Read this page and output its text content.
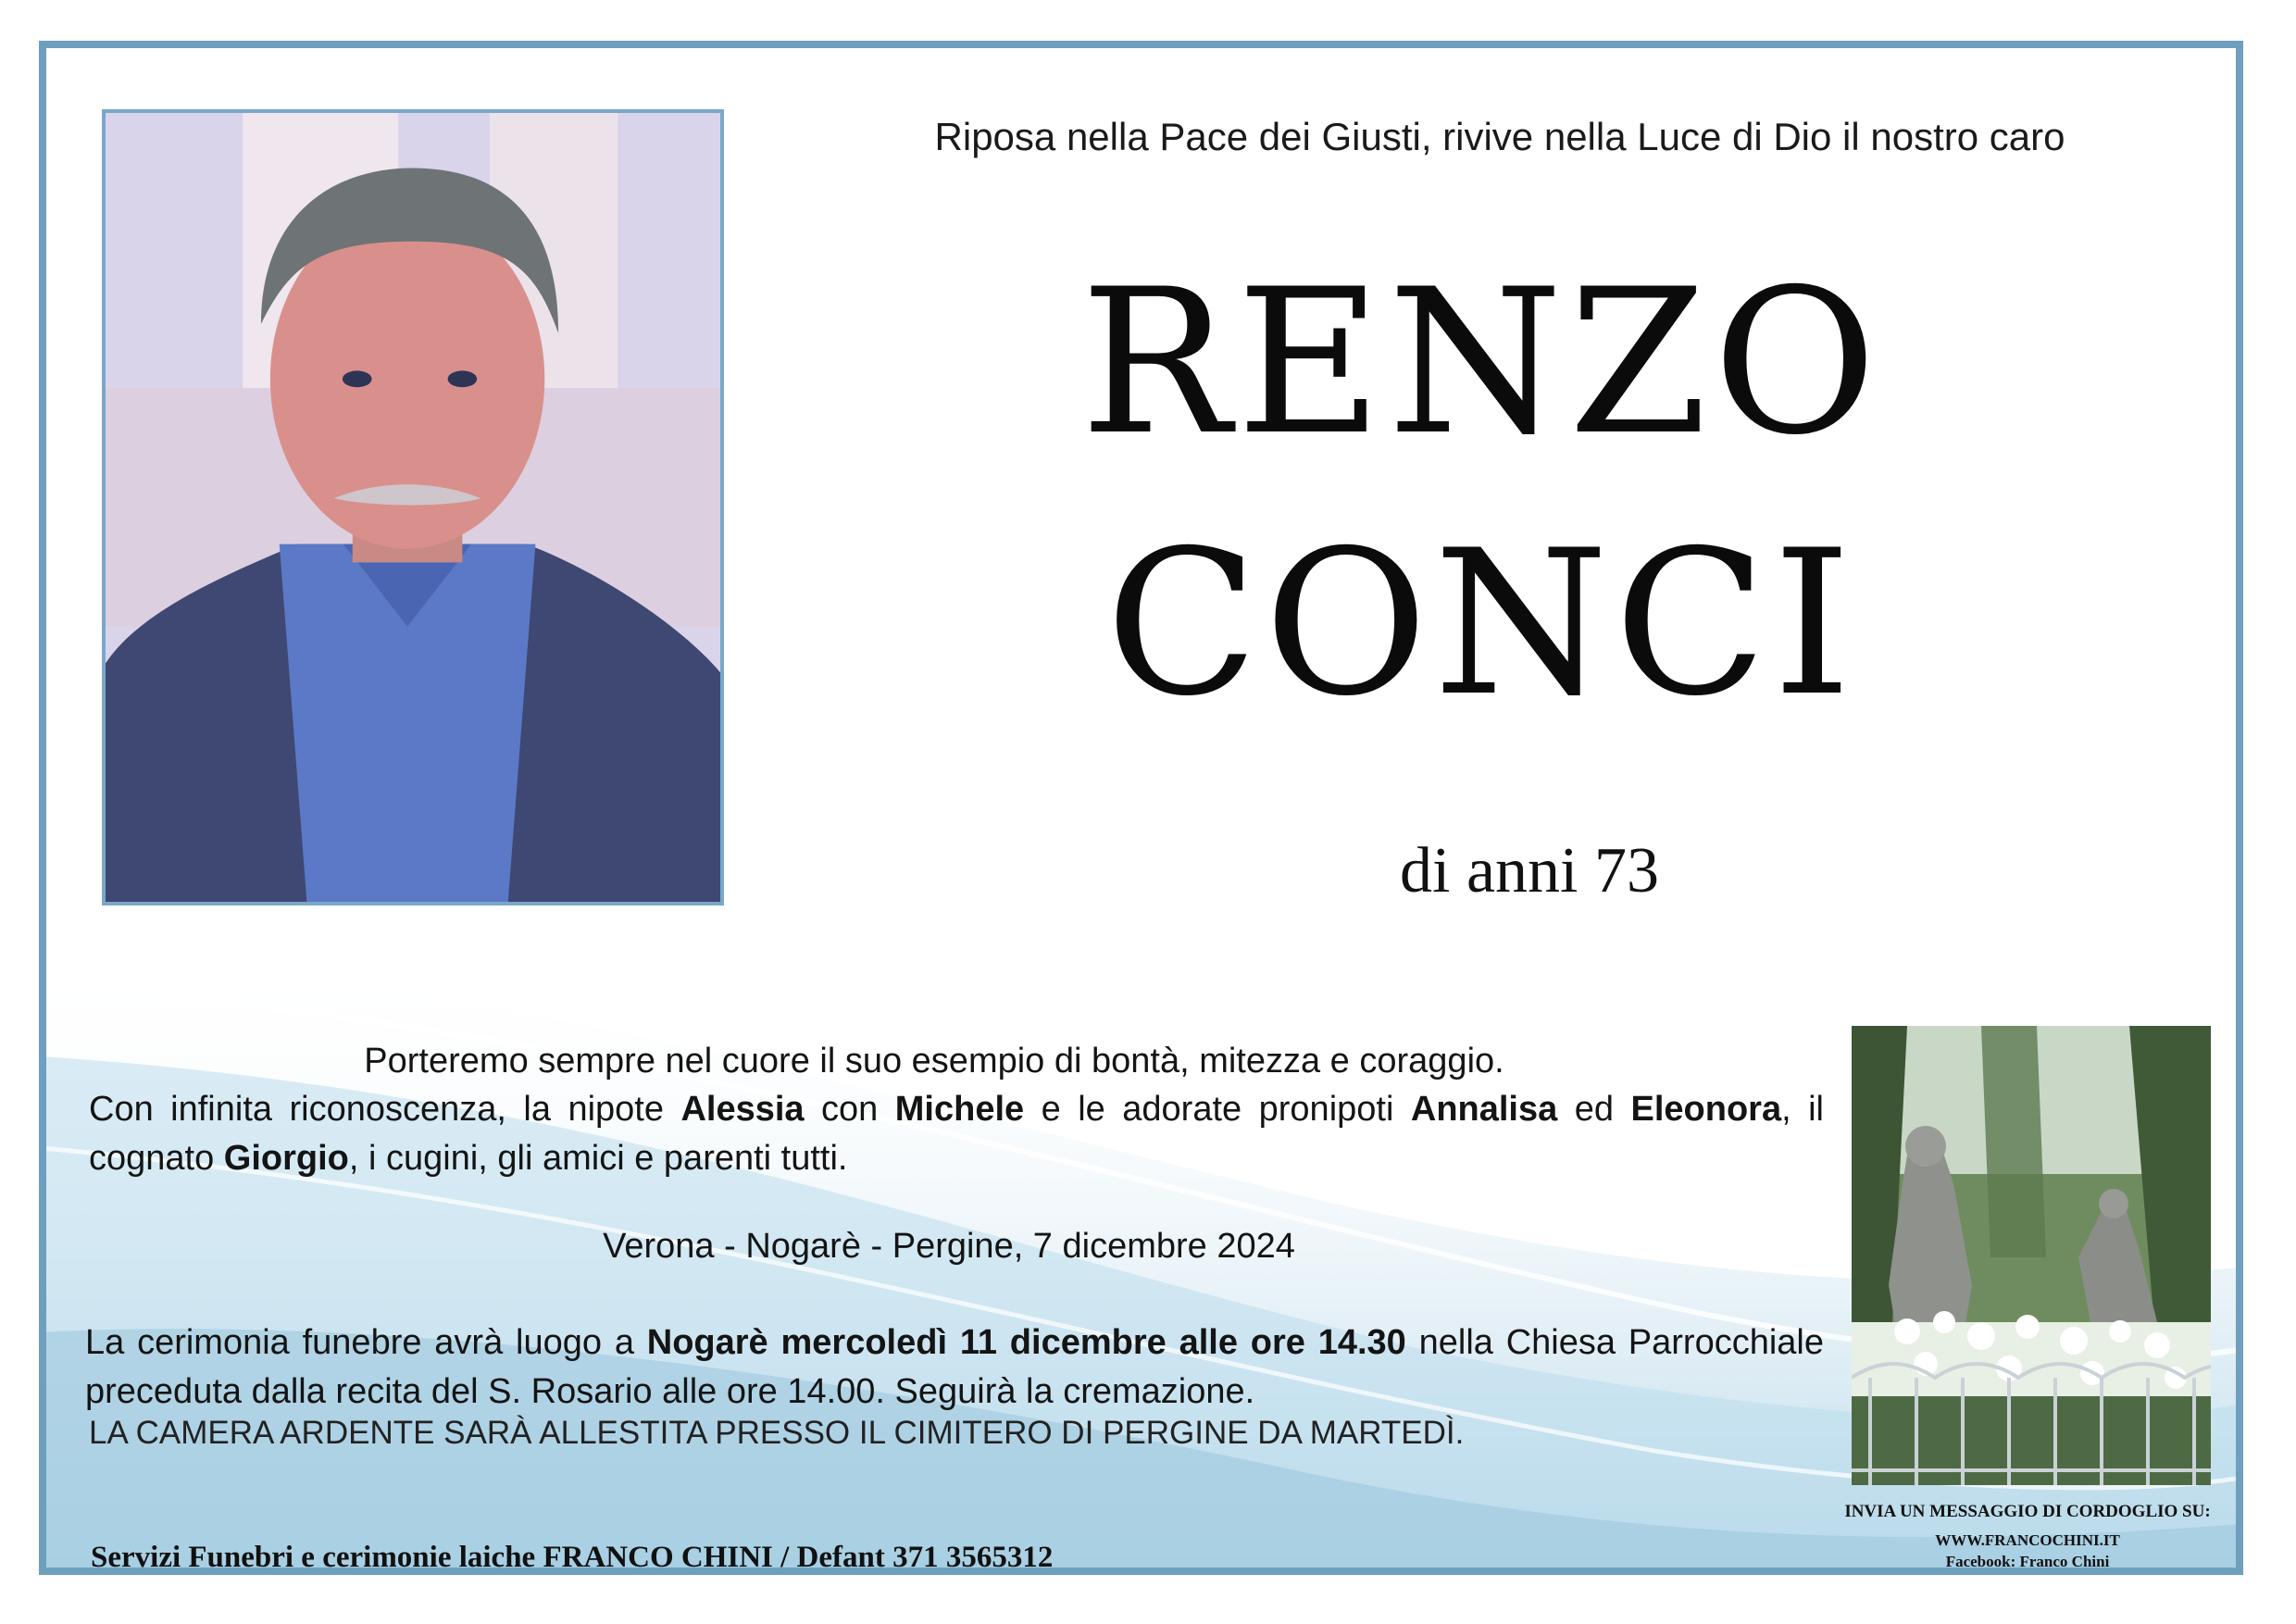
Riposa nella Pace dei Giusti, rivive nella Luce di Dio il nostro caro
RENZO
CONCI
di anni 73
Porteremo sempre nel cuore il suo esempio di bontà, mitezza e coraggio.
Con infinita riconoscenza, la nipote Alessia con Michele e le adorate pronipoti Annalisa ed Eleonora, il cognato Giorgio, i cugini, gli amici e parenti tutti.
Verona - Nogarè - Pergine, 7 dicembre 2024
La cerimonia funebre avrà luogo a Nogarè mercoledì 11 dicembre alle ore 14.30 nella Chiesa Parrocchiale preceduta dalla recita del S. Rosario alle ore 14.00. Seguirà la cremazione.
LA CAMERA ARDENTE SARÀ ALLESTITA PRESSO IL CIMITERO DI PERGINE DA MARTEDÌ.
Servizi Funebri e cerimonie laiche FRANCO CHINI / Defant 371 3565312
INVIA UN MESSAGGIO DI CORDOGLIO SU:
WWW.FRANCOCHINI.IT
Facebook: Franco Chini
